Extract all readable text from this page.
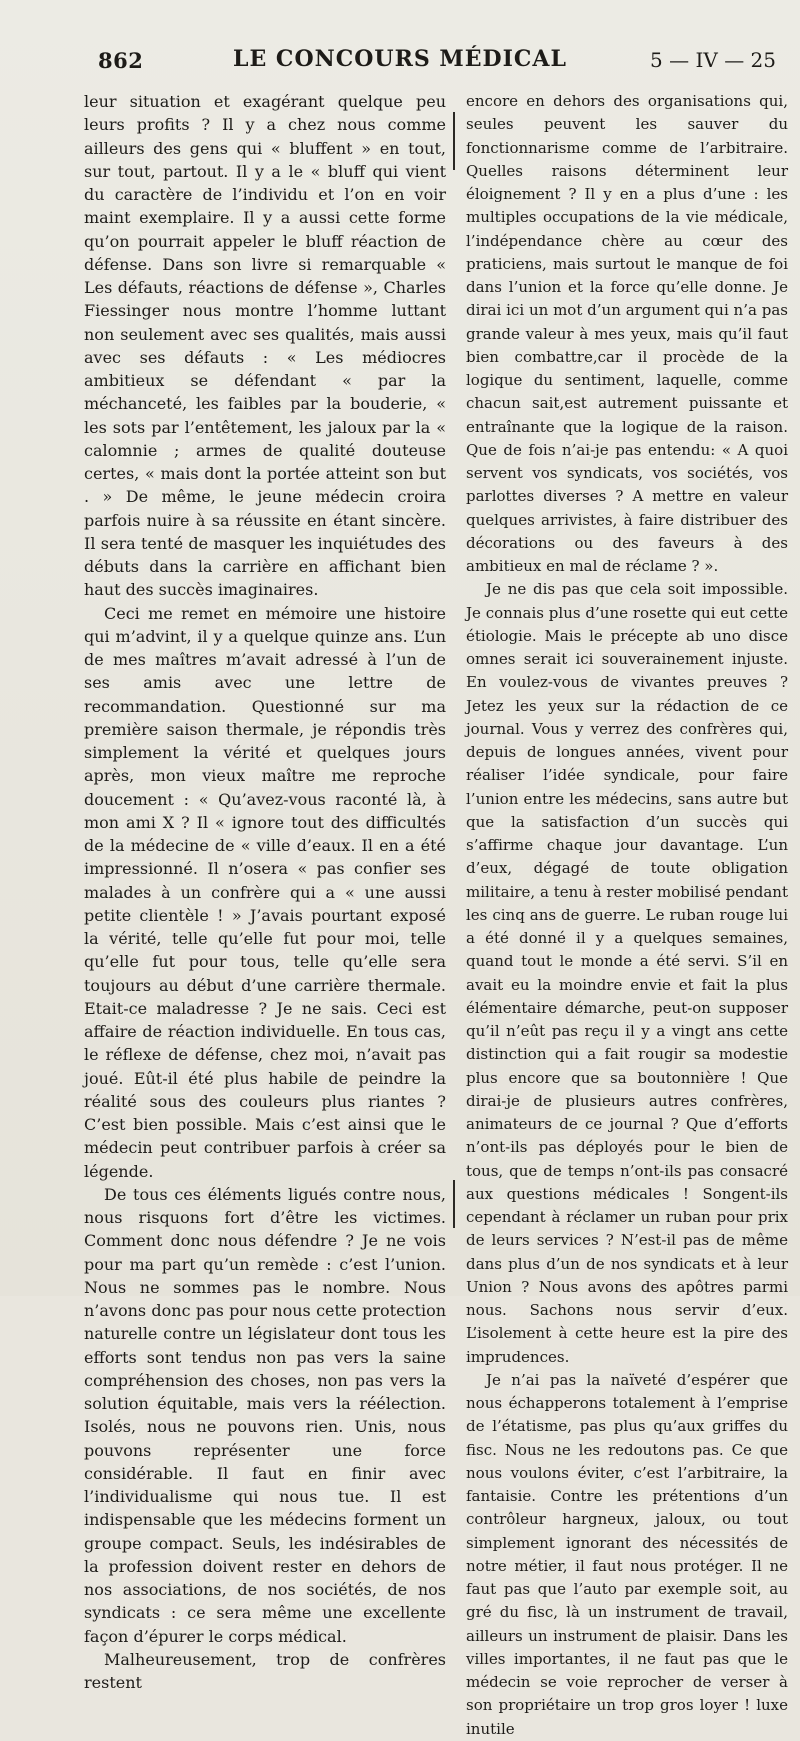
862	LE CONCOURS MÉDICAL	5 — IV — 25

leur situation et exagérant quelque peu leurs profits ? Il y a chez nous comme ailleurs des gens qui « bluffent » en tout, sur tout, partout. Il y a le « bluff qui vient du caractère de l’individu et l’on en voir maint exemplaire. Il y a aussi cette forme qu’on pourrait appeler le bluff réaction de défense. Dans son livre si remarquable « Les défauts, réactions de défense », Charles Fiessinger nous montre l’homme luttant non seulement avec ses qualités, mais aussi avec ses défauts : « Les médiocres ambitieux se défendant « par la méchanceté, les faibles par la bouderie, « les sots par l’entêtement, les jaloux par la « calomnie ; armes de qualité douteuse certes, « mais dont la portée atteint son but . » De même, le jeune médecin croira parfois nuire à sa réussite en étant sincère. Il sera tenté de masquer les inquiétudes des débuts dans la carrière en affichant bien haut des succès imaginaires.

Ceci me remet en mémoire une histoire qui m’advint, il y a quelque quinze ans. L’un de mes maîtres m’avait adressé à l’un de ses amis avec une lettre de recommandation. Questionné sur ma première saison thermale, je répondis très simplement la vérité et quelques jours après, mon vieux maître me reproche doucement : « Qu’avez-vous raconté là, à mon ami X ? Il « ignore tout des difficultés de la médecine de « ville d’eaux. Il en a été impressionné. Il n’osera « pas confier ses malades à un confrère qui a « une aussi petite clientèle ! » J’avais pourtant exposé la vérité, telle qu’elle fut pour moi, telle qu’elle fut pour tous, telle qu’elle sera toujours au début d’une carrière thermale. Etait-ce maladresse ? Je ne sais. Ceci est affaire de réaction individuelle. En tous cas, le réflexe de défense, chez moi, n’avait pas joué. Eût-il été plus habile de peindre la réalité sous des couleurs plus riantes ? C’est bien possible. Mais c’est ainsi que le médecin peut contribuer parfois à créer sa légende.

De tous ces éléments ligués contre nous, nous risquons fort d’être les victimes. Comment donc nous défendre ? Je ne vois pour ma part qu’un remède : c’est l’union. Nous ne sommes pas le nombre. Nous n’avons donc pas pour nous cette protection naturelle contre un législateur dont tous les efforts sont tendus non pas vers la saine compréhension des choses, non pas vers la solution équitable, mais vers la réélection. Isolés, nous ne pouvons rien. Unis, nous pouvons représenter une force considérable. Il faut en finir avec l’individualisme qui nous tue. Il est indispensable que les médecins forment un groupe compact. Seuls, les indésirables de la profession doivent rester en dehors de nos associations, de nos sociétés, de nos syndicats : ce sera même une excellente façon d’épurer le corps médical.

Malheureusement, trop de confrères restent

encore en dehors des organisations qui, seules peuvent les sauver du fonctionnarisme comme de l’arbitraire. Quelles raisons déterminent leur éloignement ? Il y en a plus d’une : les multiples occupations de la vie médicale, l’indépendance chère au cœur des praticiens, mais surtout le manque de foi dans l’union et la force qu’elle donne. Je dirai ici un mot d’un argument qui n’a pas grande valeur à mes yeux, mais qu’il faut bien combattre,car il procède de la logique du sentiment, laquelle, comme chacun sait,est autrement puissante et entraînante que la logique de la raison. Que de fois n’ai-je pas entendu: « A quoi servent vos syndicats, vos sociétés, vos parlottes diverses ? A mettre en valeur quelques arrivistes, à faire distribuer des décorations ou des faveurs à des ambitieux en mal de réclame ? ».

Je ne dis pas que cela soit impossible. Je connais plus d’une rosette qui eut cette étiologie. Mais le précepte ab uno disce omnes serait ici souverainement injuste. En voulez-vous de vivantes preuves ? Jetez les yeux sur la rédaction de ce journal. Vous y verrez des confrères qui, depuis de longues années, vivent pour réaliser l’idée syndicale, pour faire l’union entre les médecins, sans autre but que la satisfaction d’un succès qui s’affirme chaque jour davantage. L’un d’eux, dégagé de toute obligation militaire, a tenu à rester mobilisé pendant les cinq ans de guerre. Le ruban rouge lui a été donné il y a quelques semaines, quand tout le monde a été servi. S’il en avait eu la moindre envie et fait la plus élémentaire démarche, peut-on supposer qu’il n’eût pas reçu il y a vingt ans cette distinction qui a fait rougir sa modestie plus encore que sa boutonnière ! Que dirai-je de plusieurs autres confrères, animateurs de ce journal ? Que d’efforts n’ont-ils pas déployés pour le bien de tous, que de temps n’ont-ils pas consacré aux questions médicales ! Songent-ils cependant à réclamer un ruban pour prix de leurs services ? N’est-il pas de même dans plus d’un de nos syndicats et à leur Union ? Nous avons des apôtres parmi nous. Sachons nous servir d’eux. L’isolement à cette heure est la pire des imprudences.

Je n’ai pas la naïveté d’espérer que nous échapperons totalement à l’emprise de l’étatisme, pas plus qu’aux griffes du fisc. Nous ne les redoutons pas. Ce que nous voulons éviter, c’est l’arbitraire, la fantaisie. Contre les prétentions d’un contrôleur hargneux, jaloux, ou tout simplement ignorant des nécessités de notre métier, il faut nous protéger. Il ne faut pas que l’auto par exemple soit, au gré du fisc, là un instrument de travail, ailleurs un instrument de plaisir. Dans les villes importantes, il ne faut pas que le médecin se voie reprocher de verser à son propriétaire un trop gros loyer ! luxe inutile
